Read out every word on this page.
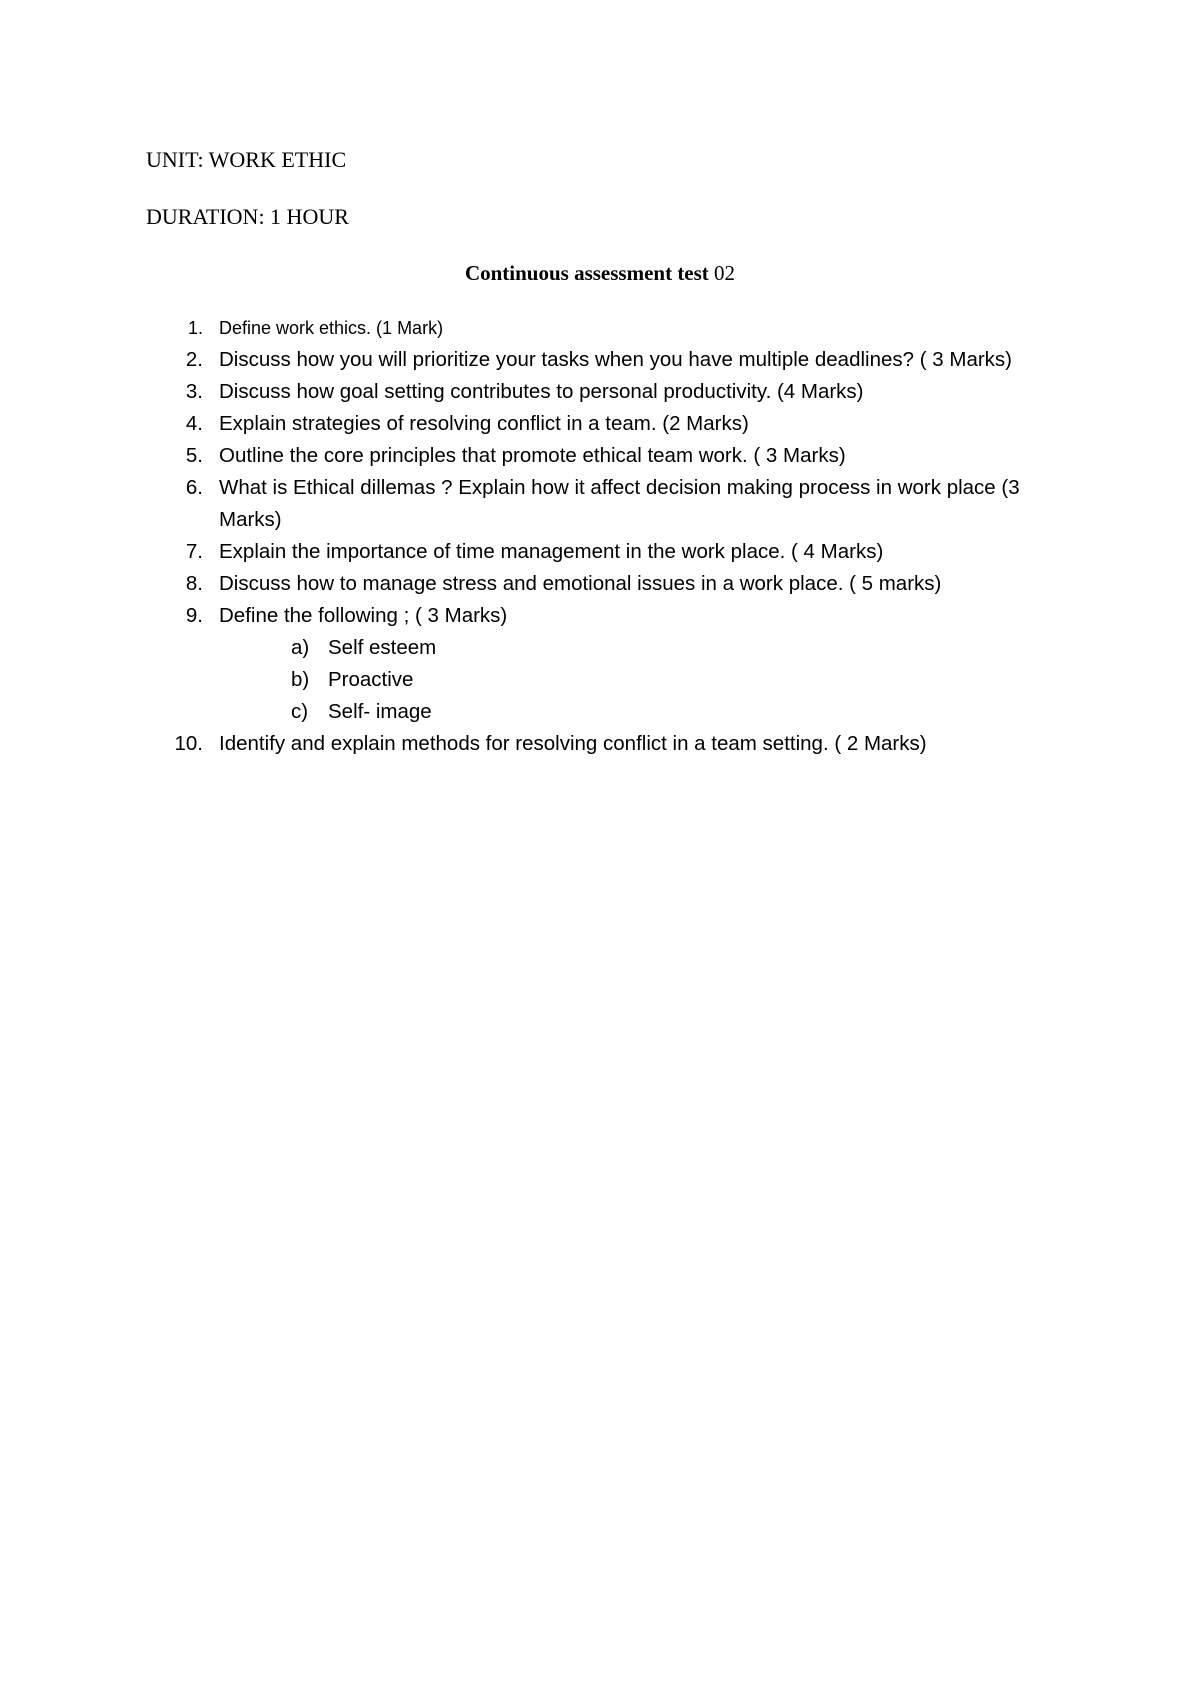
UNIT: WORK ETHIC
DURATION: 1 HOUR
Continuous assessment test 02
1. Define work ethics. (1 Mark)
2. Discuss how you will prioritize your tasks when you have multiple deadlines? ( 3 Marks)
3. Discuss how goal setting contributes to personal productivity. (4 Marks)
4. Explain strategies of resolving conflict in a team. (2 Marks)
5. Outline the core principles that promote ethical team work. ( 3 Marks)
6. What is Ethical dillemas ? Explain how it affect decision making process in work place (3 Marks)
7. Explain the importance of time management in the work place. ( 4 Marks)
8. Discuss how to manage stress and emotional issues in a work place. ( 5 marks)
9. Define the following ; ( 3 Marks)
a) Self esteem
b) Proactive
c) Self- image
10. Identify and explain methods for resolving conflict in a team setting. ( 2 Marks)
